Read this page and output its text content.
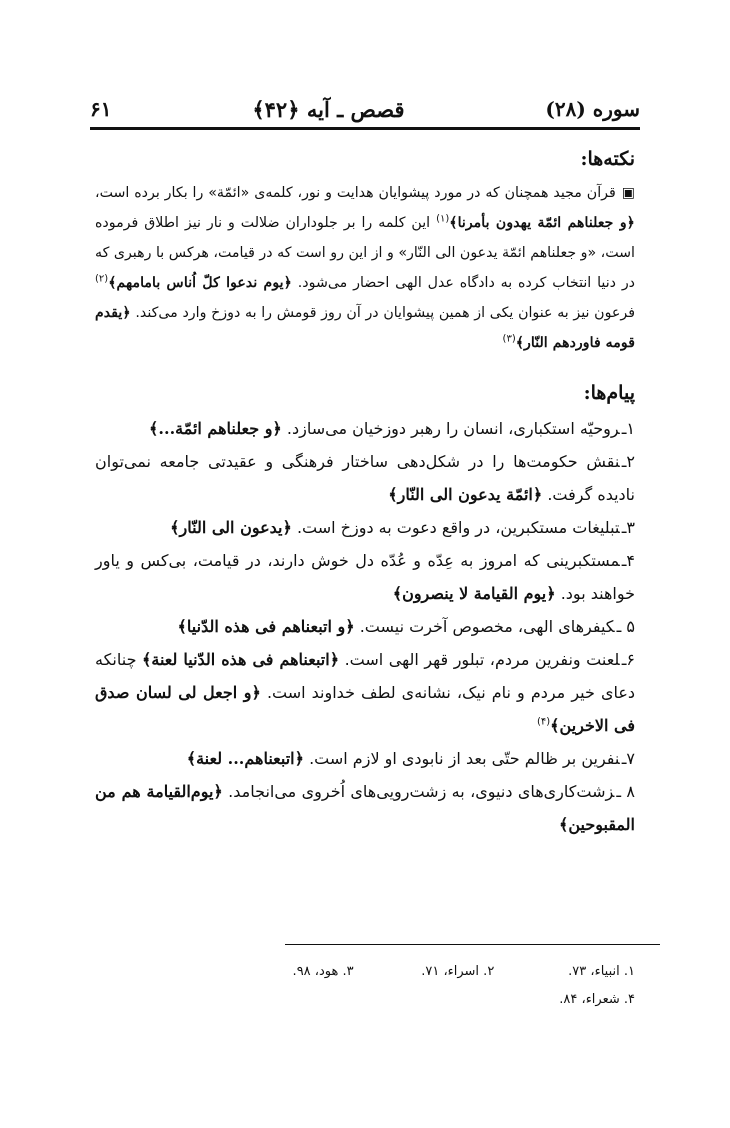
سوره (۲۸)
قصص ـ آیه ﴿۴۲﴾
۶۱
نکته‌ها:

▣قرآن مجید همچنان که در مورد پیشوایان هدایت و نور، کلمه‌ی «ائمّة» را بکار برده است، ﴿و جعلناهم ائمّة یهدون بأمرنا﴾$^{(۱)}$ این کلمه را بر جلوداران ضلالت و نار نیز اطلاق فرموده است، «و جعلناهم ائمّة یدعون الی النّار» و از این رو است که در قیامت، هرکس با رهبری که در دنیا انتخاب کرده به دادگاه عدل الهی احضار می‌شود. ﴿یوم ندعوا کلّ اُناس بامامهم﴾$^{(۲)}$ فرعون نیز به عنوان یکی از همین پیشوایان در آن روز قومش را به دوزخ وارد می‌کند. ﴿یقدم قومه فاوردهم النّار﴾$^{(۳)}$

پیام‌ها:
۱ـروحیّه استکباری، انسان را رهبر دوزخیان می‌سازد. ﴿و جعلناهم ائمّة...﴾
۲ـنقش حکومت‌ها را در شکل‌دهی ساختار فرهنگی و عقیدتی جامعه نمی‌توان نادیده گرفت. ﴿ائمّة یدعون الی النّار﴾
۳ـتبلیغات مستکبرین، در واقع دعوت به دوزخ است. ﴿یدعون الی النّار﴾
۴ـمستکبرینی که امروز به عِدّه و عُدّه دل خوش دارند، در قیامت، بی‌کس و یاور خواهند بود. ﴿یوم القیامة لا ینصرون﴾
۵ ـکیفرهای الهی، مخصوص آخرت نیست. ﴿و اتبعناهم فی هذه الدّنیا﴾
۶ـلعنت ونفرین مردم، تبلور قهر الهی است. ﴿اتبعناهم فی هذه الدّنیا لعنة﴾ چنانکه دعای خیر مردم و نام نیک، نشانه‌ی لطف خداوند است. ﴿و اجعل لی لسان صدق فی الاخرین﴾$^{(۴)}$
۷ـنفرین بر ظالم حتّی بعد از نابودی او لازم است. ﴿اتبعناهم... لعنة﴾
۸ ـزشت‌کاری‌های دنیوی، به زشت‌رویی‌های اُخروی می‌انجامد. ﴿یوم‌القیامة هم من المقبوحین﴾
۱. انبیاء، ۷۳.
۲. اسراء، ۷۱.
۳. هود، ۹۸.
۴. شعراء، ۸۴.
